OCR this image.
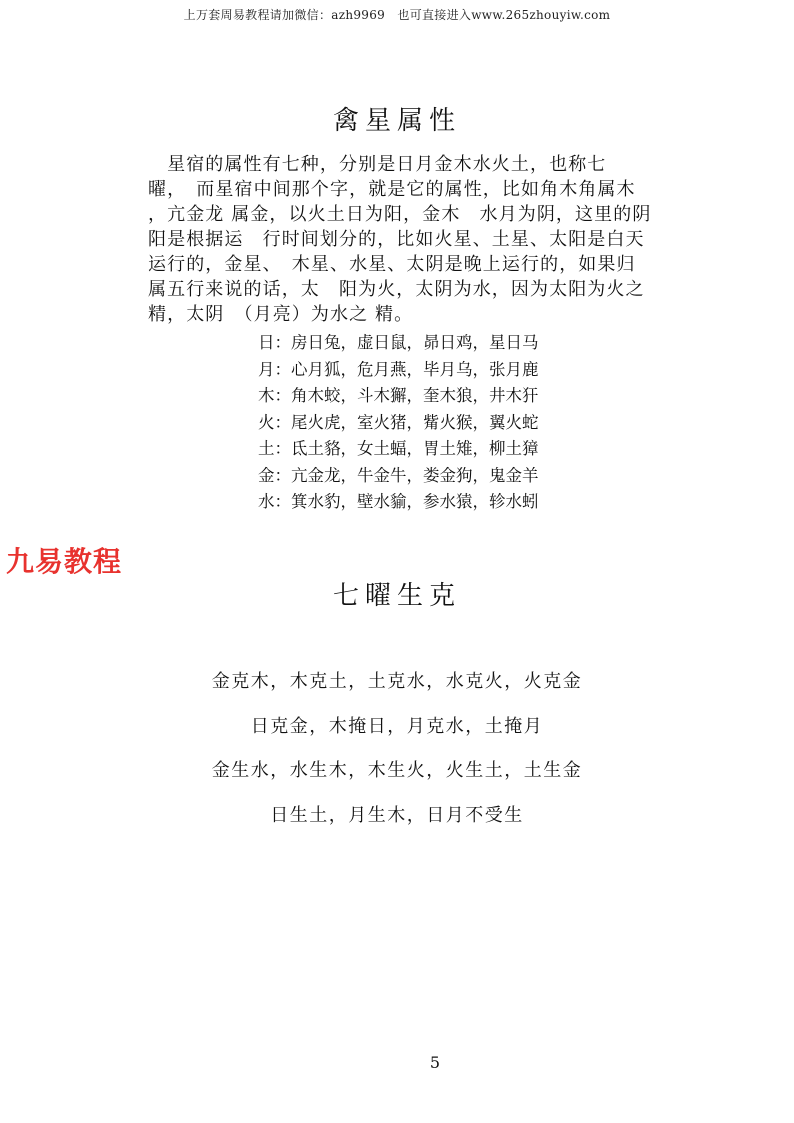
上万套周易教程请加微信：azh9969　也可直接进入www.265zhouyiw.com
禽星属性
　星宿的属性有七种，分别是日月金木水火土，也称七
曜，　而星宿中间那个字，就是它的属性，比如角木角属木
，亢金龙 属金，以火土日为阳，金木　水月为阴，这里的阴
阳是根据运　行时间划分的，比如火星、土星、太阳是白天
运行的，金星、　木星、水星、太阴是晚上运行的，如果归
属五行来说的话，太　阳为火，太阴为水，因为太阳为火之
精，太阴　（月亮）为水之 精。
日：房日兔，虚日鼠，昴日鸡，星日马
月：心月狐，危月燕，毕月乌，张月鹿
木：角木蛟，斗木獬，奎木狼，井木犴
火：尾火虎，室火猪，觜火猴，翼火蛇
土：氐土貉，女土蝠，胃土雉，柳土獐
金：亢金龙，牛金牛，娄金狗，鬼金羊
水：箕水豹，壁水貐，参水猿，轸水蚓
九易教程
七曜生克
金克木，木克土，土克水，水克火，火克金
日克金，木掩日，月克水，土掩月
金生水，水生木，木生火，火生土，土生金
日生土，月生木，日月不受生
5
